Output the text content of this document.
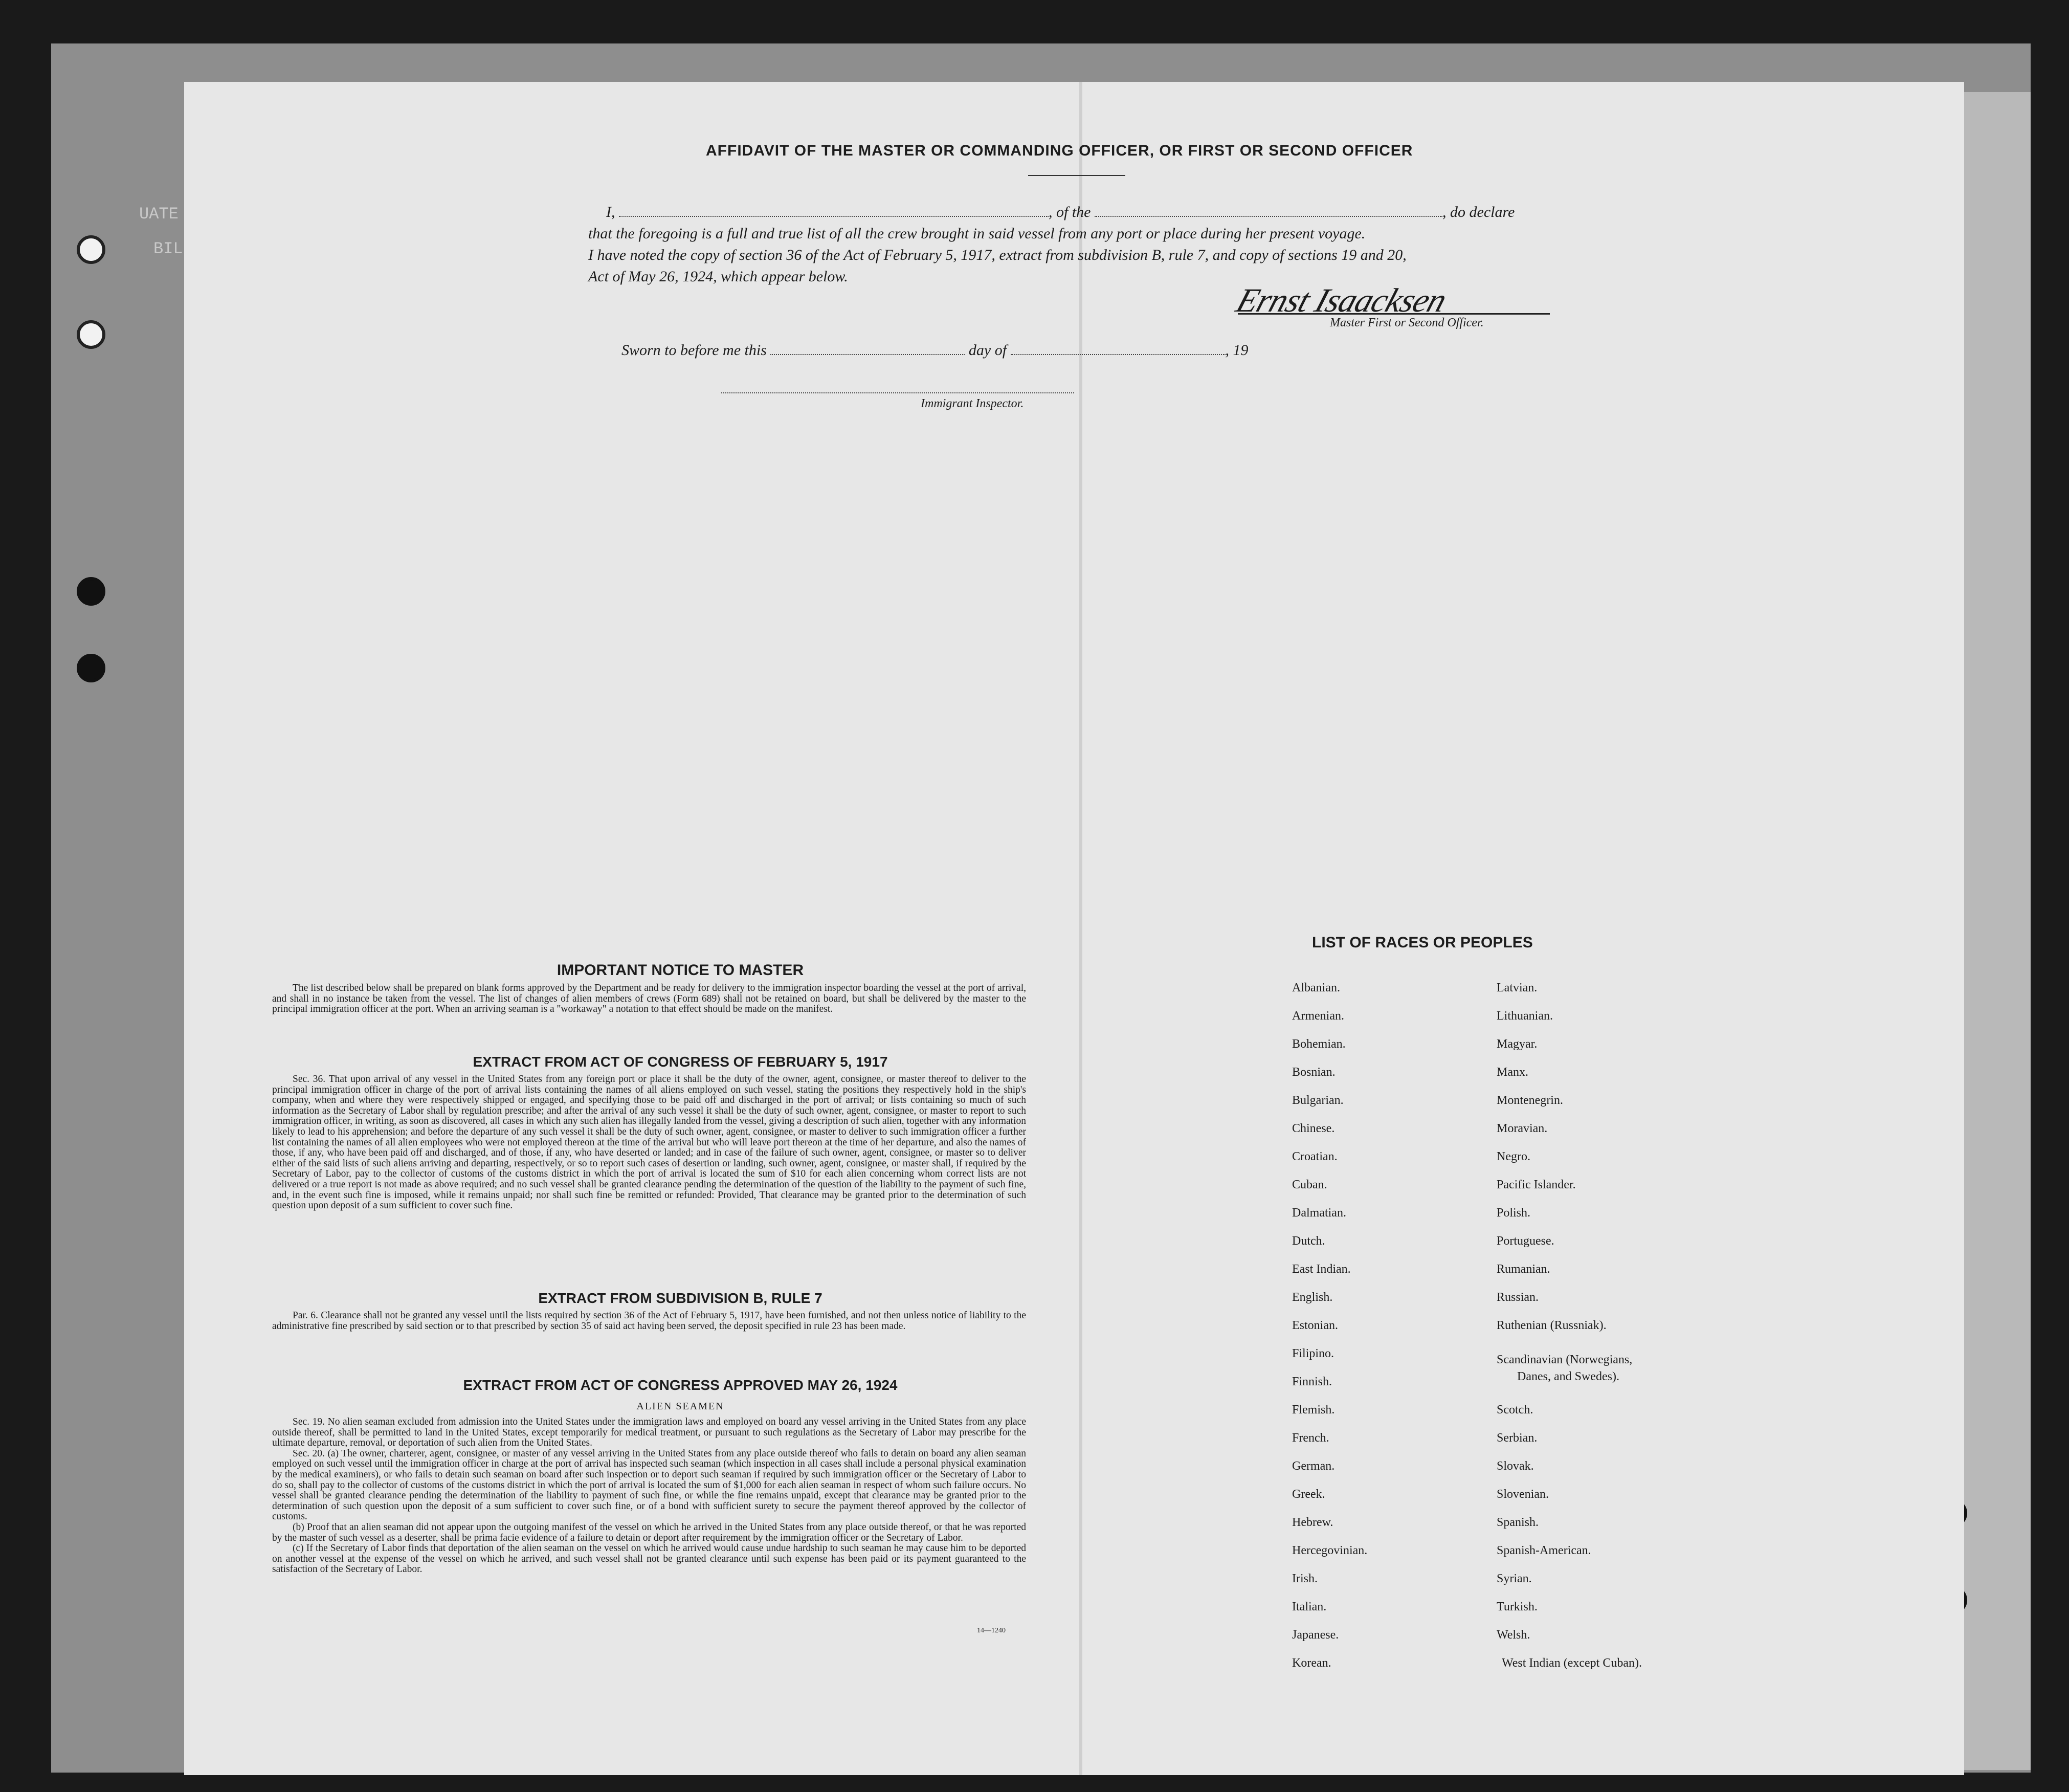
UATE
BIL
AFFIDAVIT OF THE MASTER OR COMMANDING OFFICER, OR FIRST OR SECOND OFFICER
I,	, of the	, do declare
that the foregoing is a full and true list of all the crew brought in said vessel from any port or place during her present voyage.
I have noted the copy of section 36 of the Act of February 5, 1917, extract from subdivision B, rule 7, and copy of sections 19 and 20,
Act of May 26, 1924, which appear below.
Ernst Isaacksen
Master First or Second Officer.
Sworn to before me this	day of	, 19
Immigrant Inspector.
IMPORTANT NOTICE TO MASTER
The list described below shall be prepared on blank forms approved by the Department and be ready for delivery to the immigration inspector boarding the vessel at the port of arrival, and shall in no instance be taken from the vessel. The list of changes of alien members of crews (Form 689) shall not be retained on board, but shall be delivered by the master to the principal immigration officer at the port. When an arriving seaman is a "workaway" a notation to that effect should be made on the manifest.
EXTRACT FROM ACT OF CONGRESS OF FEBRUARY 5, 1917
Sec. 36. That upon arrival of any vessel in the United States from any foreign port or place it shall be the duty of the owner, agent, consignee, or master thereof to deliver to the principal immigration officer in charge of the port of arrival lists containing the names of all aliens employed on such vessel, stating the positions they respectively hold in the ship's company, when and where they were respectively shipped or engaged, and specifying those to be paid off and discharged in the port of arrival; or lists containing so much of such information as the Secretary of Labor shall by regulation prescribe; and after the arrival of any such vessel it shall be the duty of such owner, agent, consignee, or master to report to such immigration officer, in writing, as soon as discovered, all cases in which any such alien has illegally landed from the vessel, giving a description of such alien, together with any information likely to lead to his apprehension; and before the departure of any such vessel it shall be the duty of such owner, agent, consignee, or master to deliver to such immigration officer a further list containing the names of all alien employees who were not employed thereon at the time of the arrival but who will leave port thereon at the time of her departure, and also the names of those, if any, who have been paid off and discharged, and of those, if any, who have deserted or landed; and in case of the failure of such owner, agent, consignee, or master so to deliver either of the said lists of such aliens arriving and departing, respectively, or so to report such cases of desertion or landing, such owner, agent, consignee, or master shall, if required by the Secretary of Labor, pay to the collector of customs of the customs district in which the port of arrival is located the sum of $10 for each alien concerning whom correct lists are not delivered or a true report is not made as above required; and no such vessel shall be granted clearance pending the determination of the question of the liability to the payment of such fine, and, in the event such fine is imposed, while it remains unpaid; nor shall such fine be remitted or refunded: Provided, That clearance may be granted prior to the determination of such question upon deposit of a sum sufficient to cover such fine.
EXTRACT FROM SUBDIVISION B, RULE 7
Par. 6. Clearance shall not be granted any vessel until the lists required by section 36 of the Act of February 5, 1917, have been furnished, and not then unless notice of liability to the administrative fine prescribed by said section or to that prescribed by section 35 of said act having been served, the deposit specified in rule 23 has been made.
EXTRACT FROM ACT OF CONGRESS APPROVED MAY 26, 1924
ALIEN SEAMEN
Sec. 19. No alien seaman excluded from admission into the United States under the immigration laws and employed on board any vessel arriving in the United States from any place outside thereof, shall be permitted to land in the United States, except temporarily for medical treatment, or pursuant to such regulations as the Secretary of Labor may prescribe for the ultimate departure, removal, or deportation of such alien from the United States.
Sec. 20. (a) The owner, charterer, agent, consignee, or master of any vessel arriving in the United States from any place outside thereof who fails to detain on board any alien seaman employed on such vessel until the immigration officer in charge at the port of arrival has inspected such seaman (which inspection in all cases shall include a personal physical examination by the medical examiners), or who fails to detain such seaman on board after such inspection or to deport such seaman if required by such immigration officer or the Secretary of Labor to do so, shall pay to the collector of customs of the customs district in which the port of arrival is located the sum of $1,000 for each alien seaman in respect of whom such failure occurs. No vessel shall be granted clearance pending the determination of the liability to payment of such fine, or while the fine remains unpaid, except that clearance may be granted prior to the determination of such question upon the deposit of a sum sufficient to cover such fine, or of a bond with sufficient surety to secure the payment thereof approved by the collector of customs.
(b) Proof that an alien seaman did not appear upon the outgoing manifest of the vessel on which he arrived in the United States from any place outside thereof, or that he was reported by the master of such vessel as a deserter, shall be prima facie evidence of a failure to detain or deport after requirement by the immigration officer or the Secretary of Labor.
(c) If the Secretary of Labor finds that deportation of the alien seaman on the vessel on which he arrived would cause undue hardship to such seaman he may cause him to be deported on another vessel at the expense of the vessel on which he arrived, and such vessel shall not be granted clearance until such expense has been paid or its payment guaranteed to the satisfaction of the Secretary of Labor.
14—1240
LIST OF RACES OR PEOPLES
Albanian.
Armenian.
Bohemian.
Bosnian.
Bulgarian.
Chinese.
Croatian.
Cuban.
Dalmatian.
Dutch.
East Indian.
English.
Estonian.
Filipino.
Finnish.
Flemish.
French.
German.
Greek.
Hebrew.
Hercegovinian.
Irish.
Italian.
Japanese.
Korean.
Latvian.
Lithuanian.
Magyar.
Manx.
Montenegrin.
Moravian.
Negro.
Pacific Islander.
Polish.
Portuguese.
Rumanian.
Russian.
Ruthenian (Russniak).
Scandinavian (Norwegians,
Danes, and Swedes).
Scotch.
Serbian.
Slovak.
Slovenian.
Spanish.
Spanish-American.
Syrian.
Turkish.
Welsh.
West Indian (except Cuban).
